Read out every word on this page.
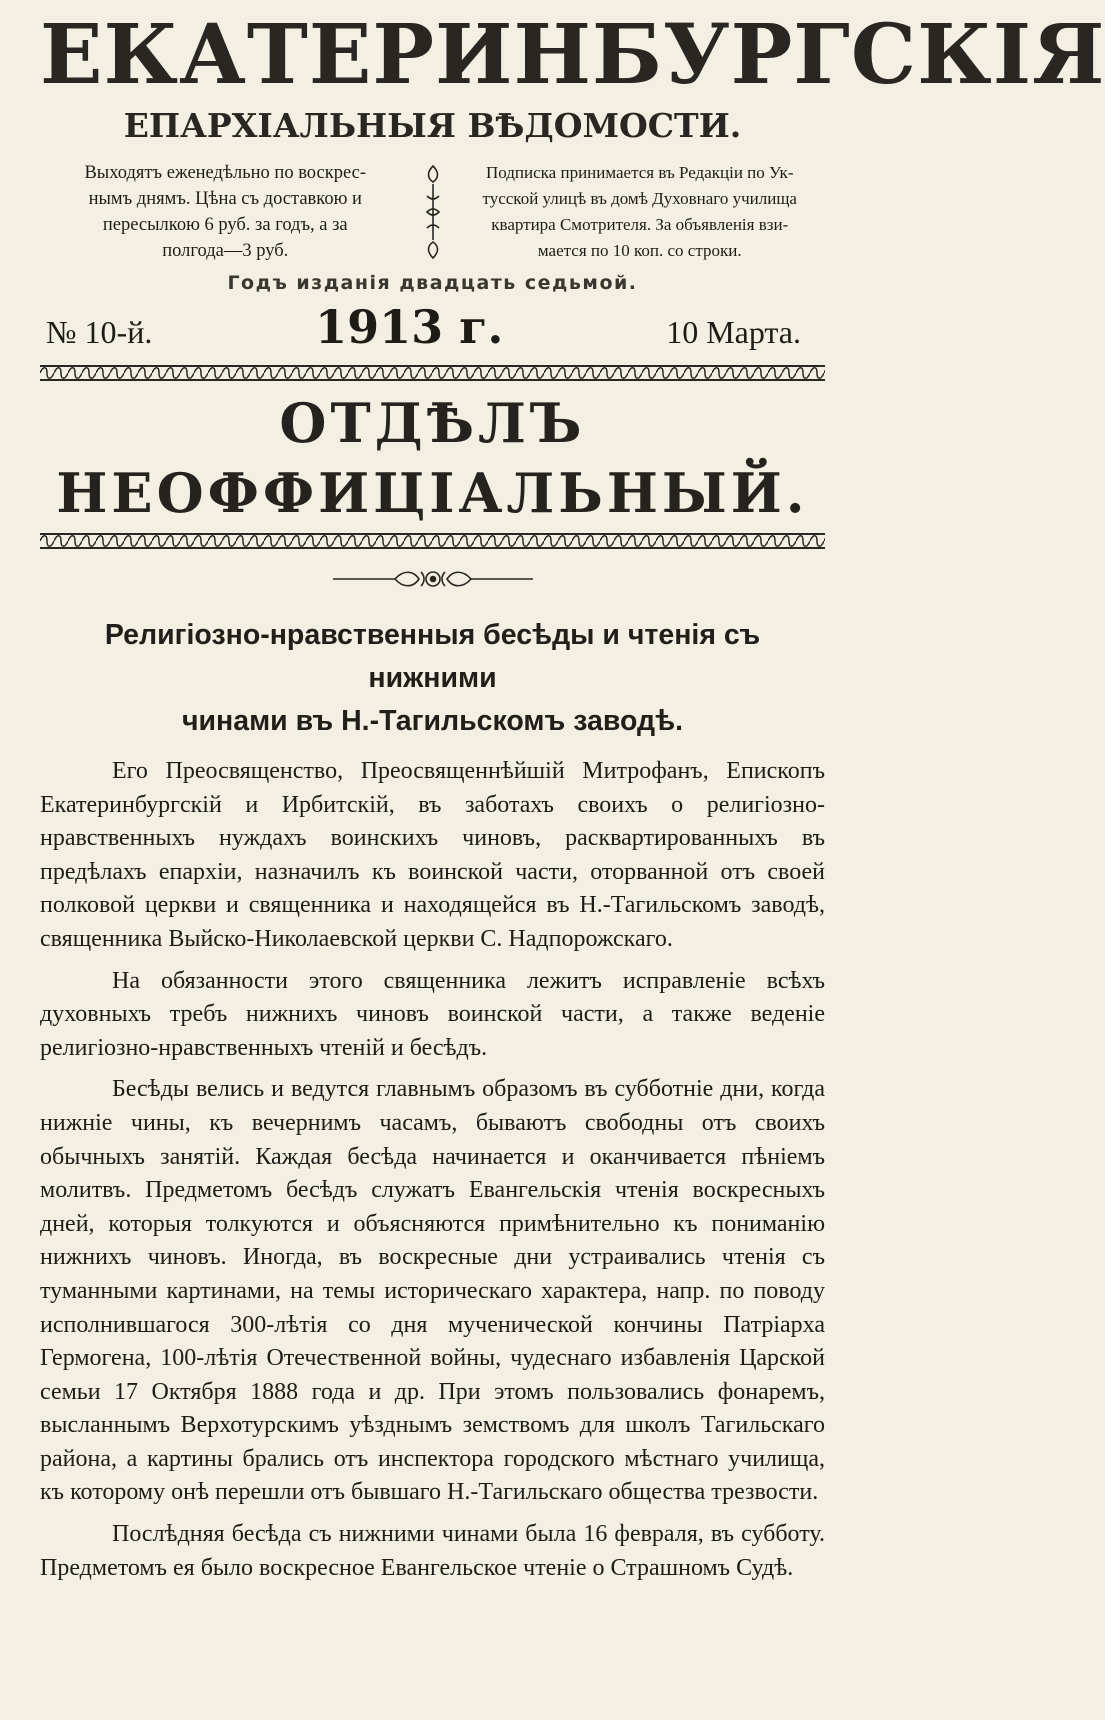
ЕКАТЕРИНБУРГСКІЯ
ЕПАРХІАЛЬНЫЯ ВѢДОМОСТИ.
Выходятъ еженедѣльно по воскрес-
нымъ днямъ. Цѣна съ доставкою и
пересылкою 6 руб. за годъ, а за
полгода—3 руб.
Подписка принимается въ Редакціи по Ук-
тусской улицѣ въ домѣ Духовнаго училища
квартира Смотрителя. За объявленія взи-
мается по 10 коп. со строки.
Годъ изданія двадцать седьмой.
№ 10-й.	1913 г.	10 Марта.
ОТДѢЛЪ НЕОФФИЦІАЛЬНЫЙ.
Религіозно-нравственныя бесѣды и чтенія съ нижними
чинами въ Н.-Тагильскомъ заводѣ.

Его Преосвященство, Преосвященнѣйшій Митрофанъ, Епископъ Екатеринбургскій и Ирбитскій, въ заботахъ своихъ о религіозно-нравственныхъ нуждахъ воинскихъ чиновъ, расквартированныхъ въ предѣлахъ епархіи, назначилъ къ воинской части, оторванной отъ своей полковой церкви и священника и находящейся въ Н.-Тагильскомъ заводѣ, священника Выйско-Николаевской церкви С. Надпорожскаго.

На обязанности этого священника лежитъ исправленіе всѣхъ духовныхъ требъ нижнихъ чиновъ воинской части, а также веденіе религіозно-нравственныхъ чтеній и бесѣдъ.

Бесѣды велись и ведутся главнымъ образомъ въ субботніе дни, когда нижніе чины, къ вечернимъ часамъ, бываютъ свободны отъ своихъ обычныхъ занятій. Каждая бесѣда начинается и оканчивается пѣніемъ молитвъ. Предметомъ бесѣдъ служатъ Евангельскія чтенія воскресныхъ дней, которыя толкуются и объясняются примѣнительно къ пониманію нижнихъ чиновъ. Иногда, въ воскресные дни устраивались чтенія съ туманными картинами, на темы историческаго характера, напр. по поводу исполнившагося 300-лѣтія со дня мученической кончины Патріарха Гермогена, 100-лѣтія Отечественной войны, чудеснаго избавленія Царской семьи 17 Октября 1888 года и др. При этомъ пользовались фонаремъ, высланнымъ Верхотурскимъ уѣзднымъ земствомъ для школъ Тагильскаго района, а картины брались отъ инспектора городского мѣстнаго училища, къ которому онѣ перешли отъ бывшаго Н.-Тагильскаго общества трезвости.

Послѣдняя бесѣда съ нижними чинами была 16 февраля, въ субботу. Предметомъ ея было воскресное Евангельское чтеніе о Страшномъ Судѣ.
